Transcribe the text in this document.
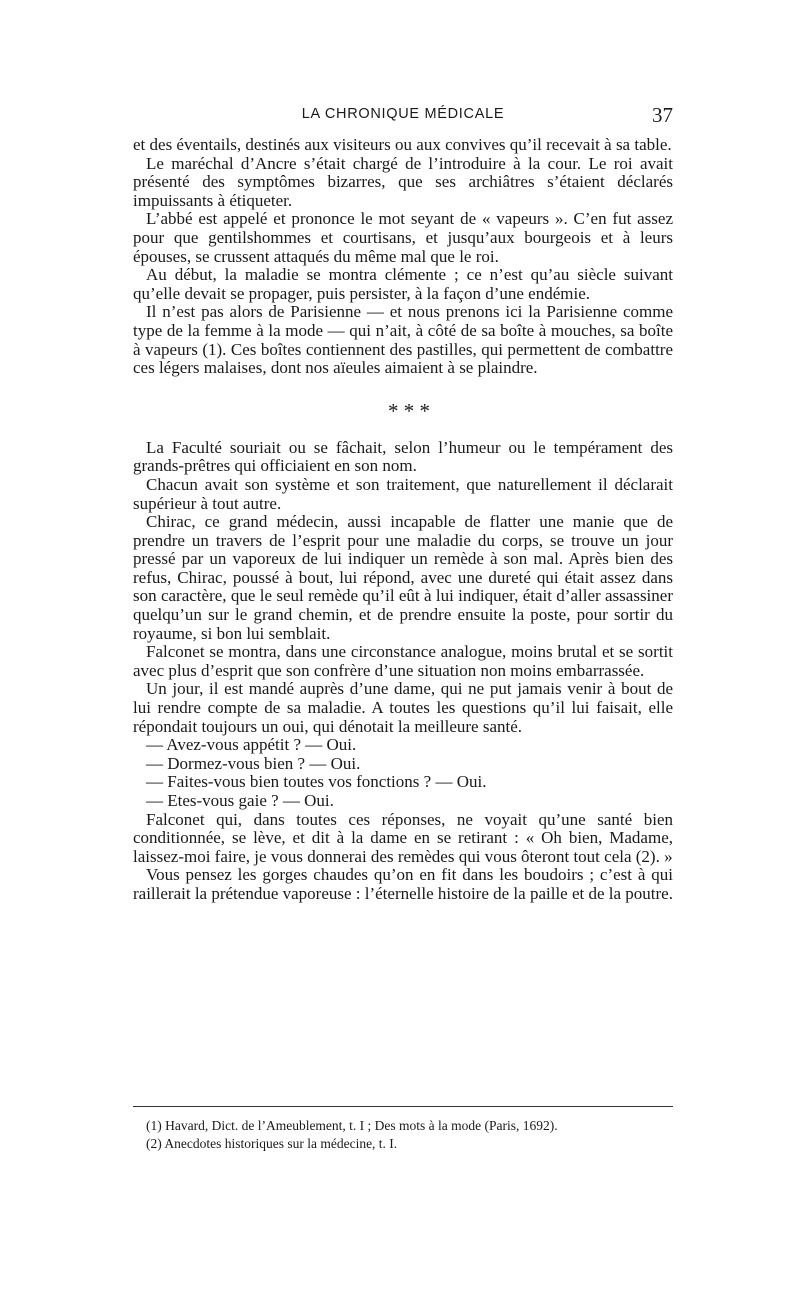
LA CHRONIQUE MÉDICALE	37

et des éventails, destinés aux visiteurs ou aux convives qu’il recevait à sa table.

Le maréchal d’Ancre s’était chargé de l’introduire à la cour. Le roi avait présenté des symptômes bizarres, que ses archiâtres s’étaient déclarés impuissants à étiqueter.

L’abbé est appelé et prononce le mot seyant de « vapeurs ». C’en fut assez pour que gentilshommes et courtisans, et jusqu’aux bourgeois et à leurs épouses, se crussent attaqués du même mal que le roi.

Au début, la maladie se montra clémente ; ce n’est qu’au siècle suivant qu’elle devait se propager, puis persister, à la façon d’une endémie.

Il n’est pas alors de Parisienne — et nous prenons ici la Parisienne comme type de la femme à la mode — qui n’ait, à côté de sa boîte à mouches, sa boîte à vapeurs (1). Ces boîtes contiennent des pastilles, qui permettent de combattre ces légers malaises, dont nos aïeules aimaient à se plaindre.

* * *

La Faculté souriait ou se fâchait, selon l’humeur ou le tempérament des grands-prêtres qui officiaient en son nom.

Chacun avait son système et son traitement, que naturellement il déclarait supérieur à tout autre.

Chirac, ce grand médecin, aussi incapable de flatter une manie que de prendre un travers de l’esprit pour une maladie du corps, se trouve un jour pressé par un vaporeux de lui indiquer un remède à son mal. Après bien des refus, Chirac, poussé à bout, lui répond, avec une dureté qui était assez dans son caractère, que le seul remède qu’il eût à lui indiquer, était d’aller assassiner quelqu’un sur le grand chemin, et de prendre ensuite la poste, pour sortir du royaume, si bon lui semblait.

Falconet se montra, dans une circonstance analogue, moins brutal et se sortit avec plus d’esprit que son confrère d’une situation non moins embarrassée.

Un jour, il est mandé auprès d’une dame, qui ne put jamais venir à bout de lui rendre compte de sa maladie. A toutes les questions qu’il lui faisait, elle répondait toujours un oui, qui dénotait la meilleure santé.

— Avez-vous appétit ? — Oui.

— Dormez-vous bien ? — Oui.

— Faites-vous bien toutes vos fonctions ? — Oui.

— Etes-vous gaie ? — Oui.

Falconet qui, dans toutes ces réponses, ne voyait qu’une santé bien conditionnée, se lève, et dit à la dame en se retirant : « Oh bien, Madame, laissez-moi faire, je vous donnerai des remèdes qui vous ôteront tout cela (2). »

Vous pensez les gorges chaudes qu’on en fit dans les boudoirs ; c’est à qui raillerait la prétendue vaporeuse : l’éternelle histoire de la paille et de la poutre.

(1) Havard, Dict. de l’Ameublement, t. I ; Des mots à la mode (Paris, 1692).
(2) Anecdotes historiques sur la médecine, t. I.
